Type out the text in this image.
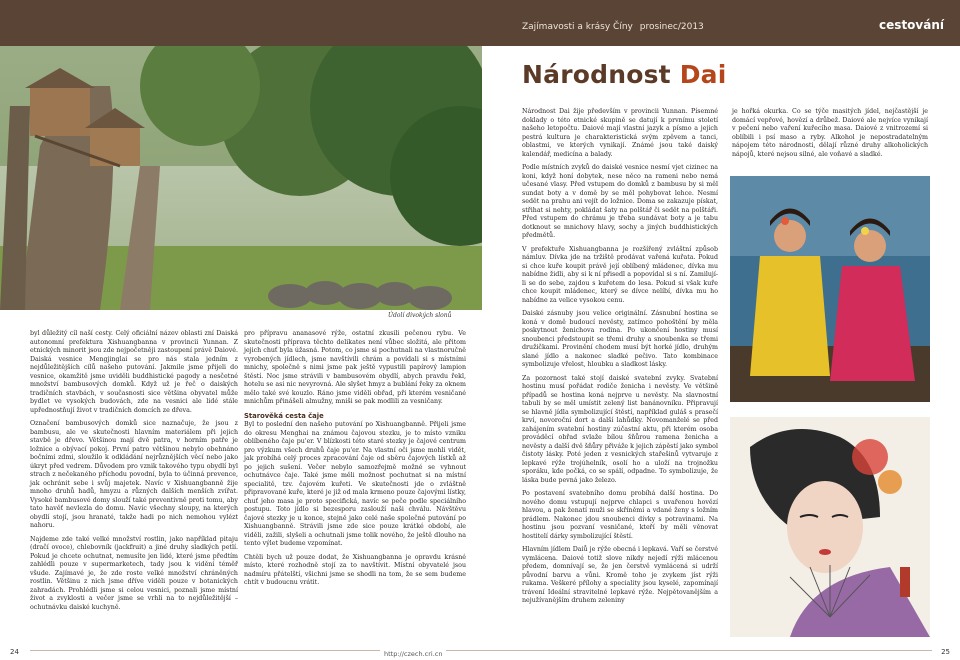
Zajímavosti a krásy Číny prosinec/2013	cestování
Údolí divokých slonů
Národnost Dai

byl důležitý cíl naší cesty. Celý oficiální název oblasti zní Daiská autonomní prefektura Xishuangbanna v provincii Yunnan. Z etnických minorit jsou zde nejpočetněji zastoupení právě Daiové. Daiská vesnice Mengjinglai se pro nás stala jedním z nejdůležitějších cílů našeho putování. Jakmile jsme přijeli do vesnice, okamžitě jsme uviděli buddhistické pagody a nesčetné množství bambusových domků. Když už je řeč o daiských tradičních stavbách, v současnosti sice většina obyvatel může bydlet ve vysokých budovách, zde na vesnici ale lidé stále upřednostňují život v tradičních domcích ze dřeva.

Označení bambusových domků sice naznačuje, že jsou z bambusu, ale ve skutečnosti hlavním materiálem při jejich stavbě je dřevo. Většinou mají dvě patra, v horním patře je ložnice a obývací pokoj. První patro většinou nebylo obehnáno bočními zdmi, sloužilo k odkládání nejrůznějších věcí nebo jako úkryt před vedrem. Důvodem pro vznik takového typu obydlí byl strach z nečekaného příchodu povodní, byla to účinná prevence, jak ochránit sebe i svůj majetek. Navíc v Xishuangbanně žije mnoho druhů hadů, hmyzu a různých dalších menších zvířat. Vysoké bambusové domy slouží také preventivně proti tomu, aby tato havěť nevlezla do domu. Navíc všechny sloupy, na kterých obydlí stojí, jsou hranaté, takže hadi po nich nemohou vylézt nahoru.

Najdeme zde také velké množství rostlin, jako například pitaju (dračí ovoce), chlebovník (jackfruit) a jiné druhy sladkých petlí. Pokud je chcete ochutnat, nemusíte jen lidé, které jsme předtím zahlédli pouze v supermarketech, tady jsou k vidění téměř všude. Zajímavé je, že zde roste velké množství chráněných rostlin. Většinu z nich jsme dříve viděli pouze v botanických zahradách. Prohlédli jsme si celou vesnici, poznali jsme místní život a zvyklosti a večer jsme se vrhli na to nejdůležitější – ochutnávku daiské kuchyně.

pro přípravu ananasové rýže, ostatní zkusili pečenou rybu. Ve skutečnosti příprava těchto delikates není vůbec složitá, ale přitom jejich chuť byla úžasná. Potom, co jsme si pochutnali na vlastnoručně vyrobených jídlech, jsme navštívili chrám a povídali si s místními mnichy, společně s nimi jsme pak ještě vypustili papírový lampion štěstí. Noc jsme strávili v bambusovém obydlí, abych pravdu řekl, hotelu se asi nic nevyrovná. Ale slyšet hmyz a bublání řeky za oknem mělo také své kouzlo. Ráno jsme viděli obřad, při kterém vesničané mnichům přinášeli almužny, mniši se pak modlili za vesničany.

Starověká cesta čaje

Byl to poslední den našeho putování po Xishuangbanně. Přijeli jsme do okresu Menghai na známou čajovou stezku, je to místo vzniku oblíbeného čaje pu'er. V blízkosti této staré stezky je čajové centrum pro výzkum všech druhů čaje pu'er. Na vlastní oči jsme mohli vidět, jak probíhá celý proces zpracování čaje od sběru čajových lístků až po jejich sušení. Večer nebylo samozřejmě možné se vyhnout ochutnávce čaje. Také jsme měli možnost pochutnat si na místní specialitě, tzv. čajovém kuřeti. Ve skutečnosti jde o zvláštně připravované kuře, které je již od mala krmeno pouze čajovými lístky, chuť jeho masa je proto specifická, navíc se peče podle speciálního postupu. Toto jídlo si bezesporu zaslouží naši chválu. Návštěvu čajové stezky je u konce, stejně jako celé naše společné putování po Xishuangbanně. Strávili jsme zde sice pouze krátké období, ale viděli, zažili, slyšeli a ochutnali jsme tolik nového, že ještě dlouho na tento výlet budeme vzpomínat.

Chtěli bych už pouze dodat, že Xishuangbanna je opravdu krásné místo, které rozhodně stojí za to navštívit. Místní obyvatelé jsou nadmíru přátelští, všichni jsme se shodli na tom, že se sem budeme chtít v budoucnu vrátit.

Národnost Dai žije především v provincii Yunnan. Písemné doklady o této etnické skupině se datují k prvnímu století našeho letopočtu. Daiové mají vlastní jazyk a písmo a jejich pestrá kultura je charakteristická svým zpěvem a tanci, oblastmi, ve kterých vynikají. Známé jsou také daiský kalendář, medicína a balady.

Podle místních zvyků do daiské vesnice nesmí vjet cizinec na koni, když honí dobytek, nese něco na rameni nebo nemá učesané vlasy. Před vstupem do domků z bambusu by si měl sundat boty a v domě by se měl pohybovat lehce. Nesmí sedět na prahu ani vejít do ložnice. Doma se zakazuje pískat, střihat si nehty, pokládat šaty na polštář či sedět na polštáři. Před vstupem do chrámu je třeba sundávat boty a je tabu dotknout se mnichovy hlavy, sochy a jiných buddhistických předmětů.

V prefektuře Xishuangbanna je rozšířený zvláštní způsob námluv. Dívka jde na tržiště prodávat vařená kuřata. Pokud si chce kuře koupit právě její oblíbený mládenec, dívka mu nabídne židli, aby si k ní přisedl a popovídal si s ní. Zamilují-li se do sebe, zajdou s kuřetem do lesa. Pokud si však kuře chce koupit mládenec, který se dívce nelíbí, dívka mu ho nabídne za velice vysokou cenu.

Daiské zásnuby jsou velice originální. Zásnubní hostina se koná v domě budoucí nevěsty, zatímco pohoštění by měla poskytnout ženichova rodina. Po ukončení hostiny musí snoubenci předstoupit se třemi druhy a snoubenka se třemi družičkami. Provinění chodem musí být horké jídlo, druhým slané jídlo a nakonec sladké pečivo. Tato kombinace symbolizuje vřelost, hloubku a sladkost lásky.

Za pozornost také stojí daiské svatební zvyky. Svatební hostinu musí pořádat rodiče ženicha i nevěsty. Ve většině případů se hostina koná nejprve u nevěsty. Na slavnostní tabuli by se měl umístit zelený list banánovníku. Připravují se hlavně jídla symbolizující štěstí, například guláš s prasečí krví, novoroční dort a další lahůdky. Novomanželé se před zahájením svatební hostiny zúčastní aktu, při kterém osoba prováděcí obřad svlaže bílou šňůrou ramena ženicha a nevěsty a další dvě šňůry přiváže k jejich zápěstí jako symbol čistoty lásky. Poté jeden z vesnických stařešinů vytvaruje z lepkavé rýže trojúhelník, osolí ho a uloží na trojnožku sporáku, kde počká, co se spálí, odpadne. To symbolizuje, že láska bude pevná jako železo.

Po postavení svatebního domu probíhá další hostina. Do nového domu vstupují nejprve chlapci s uvařenou hovězí hlavou, a pak ženatí muži se skříněmi a vdané ženy s ložním prádlem. Nakonec jdou snoubenci dívky s potravinami. Na hostinu jsou pozvaní vesničané, kteří by měli věnovat hostitelí dárky symbolizující štěstí.

Hlavním jídlem Daiů je rýže obecná i lepkavá. Vaří se čerstvé vymlácena. Daiové totiž slove nikdy nejedí rýži mlácenou předem, domnívají se, že jen čerstvě vymlácená si udrží původní barvu a vůni. Kromě toho je zvykem jíst rýži rukama. Veškeré přílohy a speciality jsou kyselé, zapomínají trávení Ideální stravitelné lepkavé rýže. Nejpětovanějším a nejužívanějším druhem zeleniny

je hořká okurka. Co se týče masitých jídel, nejčastější je domácí vepřové, hovězí a drůbež. Daiové ale nejvíce vynikají v pečení nebo vaření kuřecího masa. Daiové z vnitrozemí si oblíbili i psí maso a ryby. Alkohol je nepostradatelným nápojem této národnosti, dělají různé druhy alkoholických nápojů, které nejsou silné, ale voňavé a sladké.

24	http://czech.cri.cn	25
